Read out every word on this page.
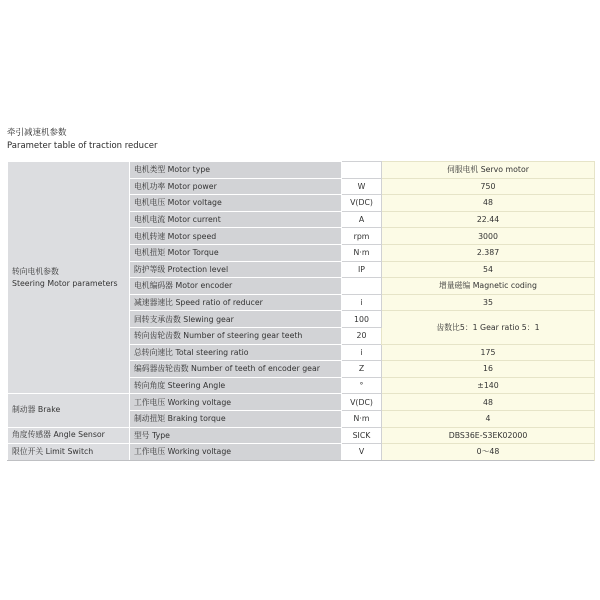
牵引减速机参数
Parameter table of traction reducer
转向电机参数
Steering Motor parameters	电机类型 Motor type		伺服电机 Servo motor
	电机功率 Motor power	W	750
	电机电压 Motor voltage	V(DC)	48
	电机电流 Motor current	A	22.44
	电机转速 Motor speed	rpm	3000
	电机扭矩 Motor Torque	N·m	2.387
	防护等级 Protection level	IP	54
	电机编码器 Motor encoder		增量磁编 Magnetic coding
	减速器速比 Speed ratio of reducer	i	35
	回转支承齿数 Slewing gear	100	齿数比5：1 Gear ratio 5：1
	转向齿轮齿数 Number of steering gear teeth	20	
	总转向速比 Total steering ratio	i	175
	编码器齿轮齿数 Number of teeth of encoder gear	Z	16
	转向角度 Steering Angle	°	±140
制动器 Brake	工作电压 Working voltage	V(DC)	48
	制动扭矩 Braking torque	N·m	4
角度传感器 Angle Sensor	型号 Type	SICK	DBS36E-S3EK02000
限位开关 Limit Switch	工作电压 Working voltage	V	0～48
